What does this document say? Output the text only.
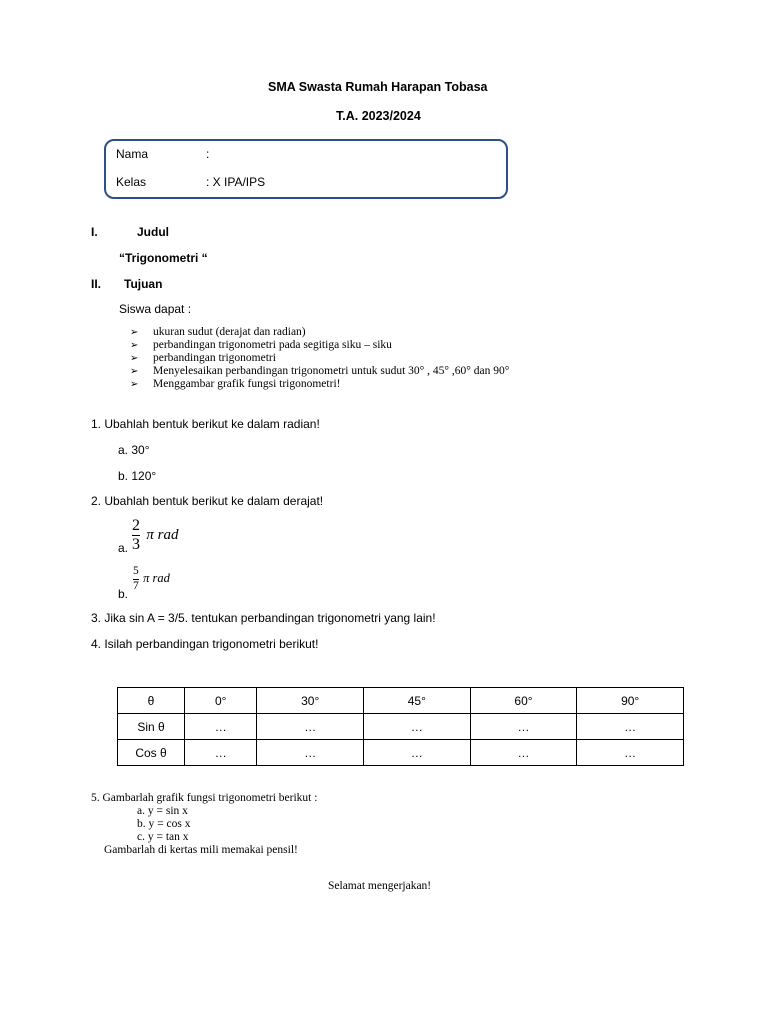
SMA Swasta Rumah Harapan Tobasa
T.A. 2023/2024
Nama	:
Kelas	: X IPA/IPS
I.	Judul
“Trigonometri “
II. Tujuan
Siswa dapat :
➢ ukuran sudut (derajat dan radian)
➢ perbandingan trigonometri pada segitiga siku – siku
➢ perbandingan trigonometri
➢ Menyelesaikan perbandingan trigonometri untuk sudut 30° , 45° ,60° dan 90°
➢ Menggambar grafik fungsi trigonometri!
1. Ubahlah bentuk berikut ke dalam radian!
a. 30°
b. 120°
2. Ubahlah bentuk berikut ke dalam derajat!
a. $\frac{2}{3}$ π rad
b.
$\frac{5}{7}$ π rad
3. Jika sin A = 3/5. tentukan perbandingan trigonometri yang lain!
4. Isilah perbandingan trigonometri berikut!
θ	0°	30°	45°	60°	90°
Sin θ	…	…	…	…	…
Cos θ	…	…	…	…	…
5. Gambarlah grafik fungsi trigonometri berikut :
a. y = sin x
b. y = cos x
c. y = tan x
Gambarlah di kertas mili memakai pensil!
Selamat mengerjakan!
